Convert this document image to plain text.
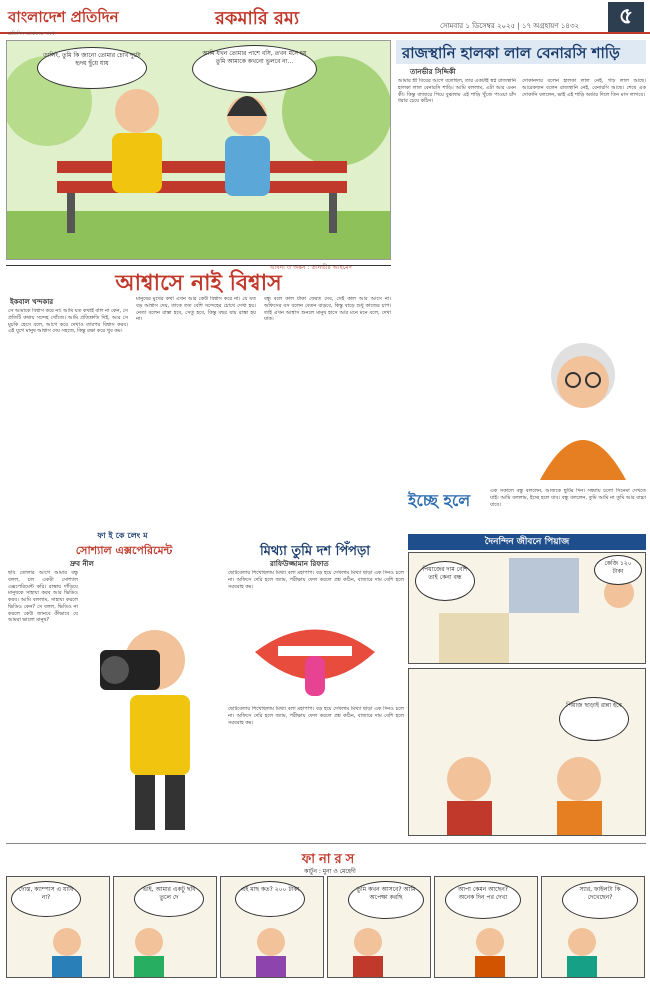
বাংলাদেশ প্রতিদিন
প্রতিদিন আমাদের সাথে
রকমারি রম্য	সোমবার ১ ডিসেম্বর ২০২৫ | ১৭ অগ্রহায়ণ ১৪৩২	৫
ডার্লিং, তুমি কি জানো তোমার চোখ দুটো হৃদয় ছুঁয়ে যায়
আমি যখন তোমার পাশে বসি, তখন মনে হয় তুমি আমাকে কখনো ভুলবে না...
ভাবনা ও অঙ্কন : তানভীর আহমেদ
আশ্বাসে নাই বিশ্বাস
ইকবাল খন্দকার
সে আমাকে বিশ্বাস করে না। আমি যত কথাই বলি না কেন, সে প্রতিটি কথায় সন্দেহ খোঁজে। আমি প্রতিশ্রুতি দিই, আর সে মুচকি হেসে বলে, আগে করে দেখাও তারপর বিশ্বাস করব। এই যুগে মানুষ আশ্বাস দেয় সহজে, কিন্তু রক্ষা করে খুব কম।
মানুষের মুখের কথা এখন আর কেউ বিশ্বাস করে না। যে যত বড় আশ্বাস দেয়, তাকে তত বেশি সন্দেহের চোখে দেখা হয়। নেতা বলেন রাস্তা হবে, সেতু হবে, কিন্তু বছর যায় রাস্তা হয় না।
বন্ধু বলে কাল টাকা ফেরত দেব, সেই কাল আর আসে না। অফিসের বস বলেন বেতন বাড়বে, কিন্তু বাড়ে শুধু কাজের চাপ। তাই এখন আশ্বাস শুনলে মানুষ হাসে আর মনে মনে বলে, দেখা যাক।
রাজস্থানি হালকা লাল বেনারসি শাড়ি
তানভীর সিদ্দিকী
আমার স্ত্রী বিয়ের আগে বলেছিল, তার একটাই স্বপ্ন রাজস্থানি হালকা লাল বেনারসি শাড়ি। আমি বললাম, এটা আর এমন কী। কিন্তু বাজারে গিয়ে বুঝলাম এই শাড়ি খুঁজে পাওয়া চাঁদ ধরার চেয়ে কঠিন।
দোকানদার বলেন হালকা লাল নেই, গাঢ় লাল আছে। আরেকজন বলেন রাজস্থানি নেই, বেনারসি আছে। শেষে এক দোকানি বললেন, ভাই এই শাড়ি অর্ডার দিলে তিন মাস লাগবে।
ইচ্ছে হলে	এক সকালে বন্ধু বললেন, আজকে ছুটির দিন। সন্ধ্যায় চলো সিনেমা দেখতে যাই। আমি বললাম, ইচ্ছে হলে যাব। বন্ধু বললেন, তুমি আমি না তুমি আর বাচ্চা যাবে।
দৈনন্দিন জীবনে পিয়াজ
পিয়াজের দাম বেশি তাই কেনা বন্ধ
কেজি ১২০ টাকা
পিয়াজ ছাড়াই রান্না হবে
ফাইকেলেংম
সোশ্যাল এক্সপেরিমেন্ট
দ্রুব নীল
ছবি তোলার আগে আমার বন্ধু বলল, চল একটা সোশ্যাল এক্সপেরিমেন্ট করি। রাস্তায় দাঁড়িয়ে মানুষকে সাহায্য করব আর ভিডিও করব। আমি বললাম, সাহায্য করলে ভিডিও কেন? সে বলল, ভিডিও না করলে কেউ জানবে কীভাবে যে আমরা ভালো মানুষ?
মিথ্যা তুমি দশ পিঁপড়া
রাফিউজ্জামান রিফাত
ছোটবেলায় শিখেছিলাম মিথ্যা বলা মহাপাপ। বড় হয়ে দেখলাম মিথ্যা ছাড়া এক দিনও চলে না। অফিসে দেরি হলে জ্যাম, পরীক্ষায় ফেল করলে প্রশ্ন কঠিন, বাজারে দাম বেশি হলে সরবরাহ কম।
ছোটবেলায় শিখেছিলাম মিথ্যা বলা মহাপাপ। বড় হয়ে দেখলাম মিথ্যা ছাড়া এক দিনও চলে না। অফিসে দেরি হলে জ্যাম, পরীক্ষায় ফেল করলে প্রশ্ন কঠিন, বাজারে দাম বেশি হলে সরবরাহ কম।
ফানারস
কার্টুন : মুনা ও মেহেদী
দোস্ত, ক্যাম্পাস এ যাবি না?
ভাই, আমার একটু ছবি তুলে দে
এই মাছ কত? ২০০ টাকা	তুমি কখন আসবে? আমি অপেক্ষা করছি
আপা কেমন আছেন? অনেক দিন পর দেখা
স্যার, ফাইলটা কি দেখেছেন?
